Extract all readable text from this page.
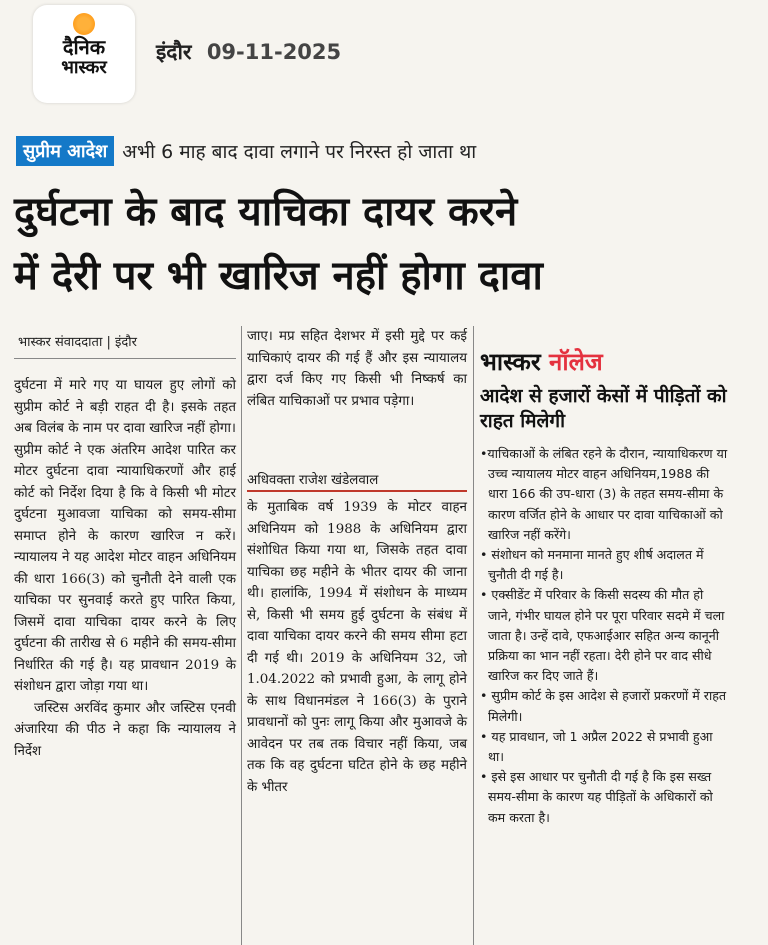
दैनिक
भास्कर
इंदौर 09-11-2025
सुप्रीम आदेश अभी 6 माह बाद दावा लगाने पर निरस्त हो जाता था
दुर्घटना के बाद याचिका दायर करने
में देरी पर भी खारिज नहीं होगा दावा
भास्कर संवाददाता | इंदौर

दुर्घटना में मारे गए या घायल हुए लोगों को सुप्रीम कोर्ट ने बड़ी राहत दी है। इसके तहत अब विलंब के नाम पर दावा खारिज नहीं होगा। सुप्रीम कोर्ट ने एक अंतरिम आदेश पारित कर मोटर दुर्घटना दावा न्यायाधिकरणों और हाई कोर्ट को निर्देश दिया है कि वे किसी भी मोटर दुर्घटना मुआवजा याचिका को समय-सीमा समाप्त होने के कारण खारिज न करें। न्यायालय ने यह आदेश मोटर वाहन अधिनियम की धारा 166(3) को चुनौती देने वाली एक याचिका पर सुनवाई करते हुए पारित किया, जिसमें दावा याचिका दायर करने के लिए दुर्घटना की तारीख से 6 महीने की समय-सीमा निर्धारित की गई है। यह प्रावधान 2019 के संशोधन द्वारा जोड़ा गया था।

जस्टिस अरविंद कुमार और जस्टिस एनवी अंजारिया की पीठ ने कहा कि न्यायालय ने निर्देश

जाए। मप्र सहित देशभर में इसी मुद्दे पर कई याचिकाएं दायर की गई हैं और इस न्यायालय द्वारा दर्ज किए गए किसी भी निष्कर्ष का लंबित याचिकाओं पर प्रभाव पड़ेगा।

अधिवक्ता राजेश खंडेलवाल

के मुताबिक वर्ष 1939 के मोटर वाहन अधिनियम को 1988 के अधिनियम द्वारा संशोधित किया गया था, जिसके तहत दावा याचिका छह महीने के भीतर दायर की जाना थी। हालांकि, 1994 में संशोधन के माध्यम से, किसी भी समय हुई दुर्घटना के संबंध में दावा याचिका दायर करने की समय सीमा हटा दी गई थी। 2019 के अधिनियम 32, जो 1.04.2022 को प्रभावी हुआ, के लागू होने के साथ विधानमंडल ने 166(3) के पुराने प्रावधानों को पुनः लागू किया और मुआवजे के आवेदन पर तब तक विचार नहीं किया, जब तक कि वह दुर्घटना घटित होने के छह महीने के भीतर

भास्कर नॉलेज
आदेश से हजारों केसों में पीड़ितों को राहत मिलेगी
•याचिकाओं के लंबित रहने के दौरान, न्यायाधिकरण या उच्च न्यायालय मोटर वाहन अधिनियम,1988 की धारा 166 की उप-धारा (3) के तहत समय-सीमा के कारण वर्जित होने के आधार पर दावा याचिकाओं को खारिज नहीं करेंगे।
• संशोधन को मनमाना मानते हुए शीर्ष अदालत में चुनौती दी गई है।
• एक्सीडेंट में परिवार के किसी सदस्य की मौत हो जाने, गंभीर घायल होने पर पूरा परिवार सदमे में चला जाता है। उन्हें दावे, एफआईआर सहित अन्य कानूनी प्रक्रिया का भान नहीं रहता। देरी होने पर वाद सीधे खारिज कर दिए जाते हैं।
• सुप्रीम कोर्ट के इस आदेश से हजारों प्रकरणों में राहत मिलेगी।
• यह प्रावधान, जो 1 अप्रैल 2022 से प्रभावी हुआ था।
• इसे इस आधार पर चुनौती दी गई है कि इस सख्त समय-सीमा के कारण यह पीड़ितों के अधिकारों को कम करता है।
